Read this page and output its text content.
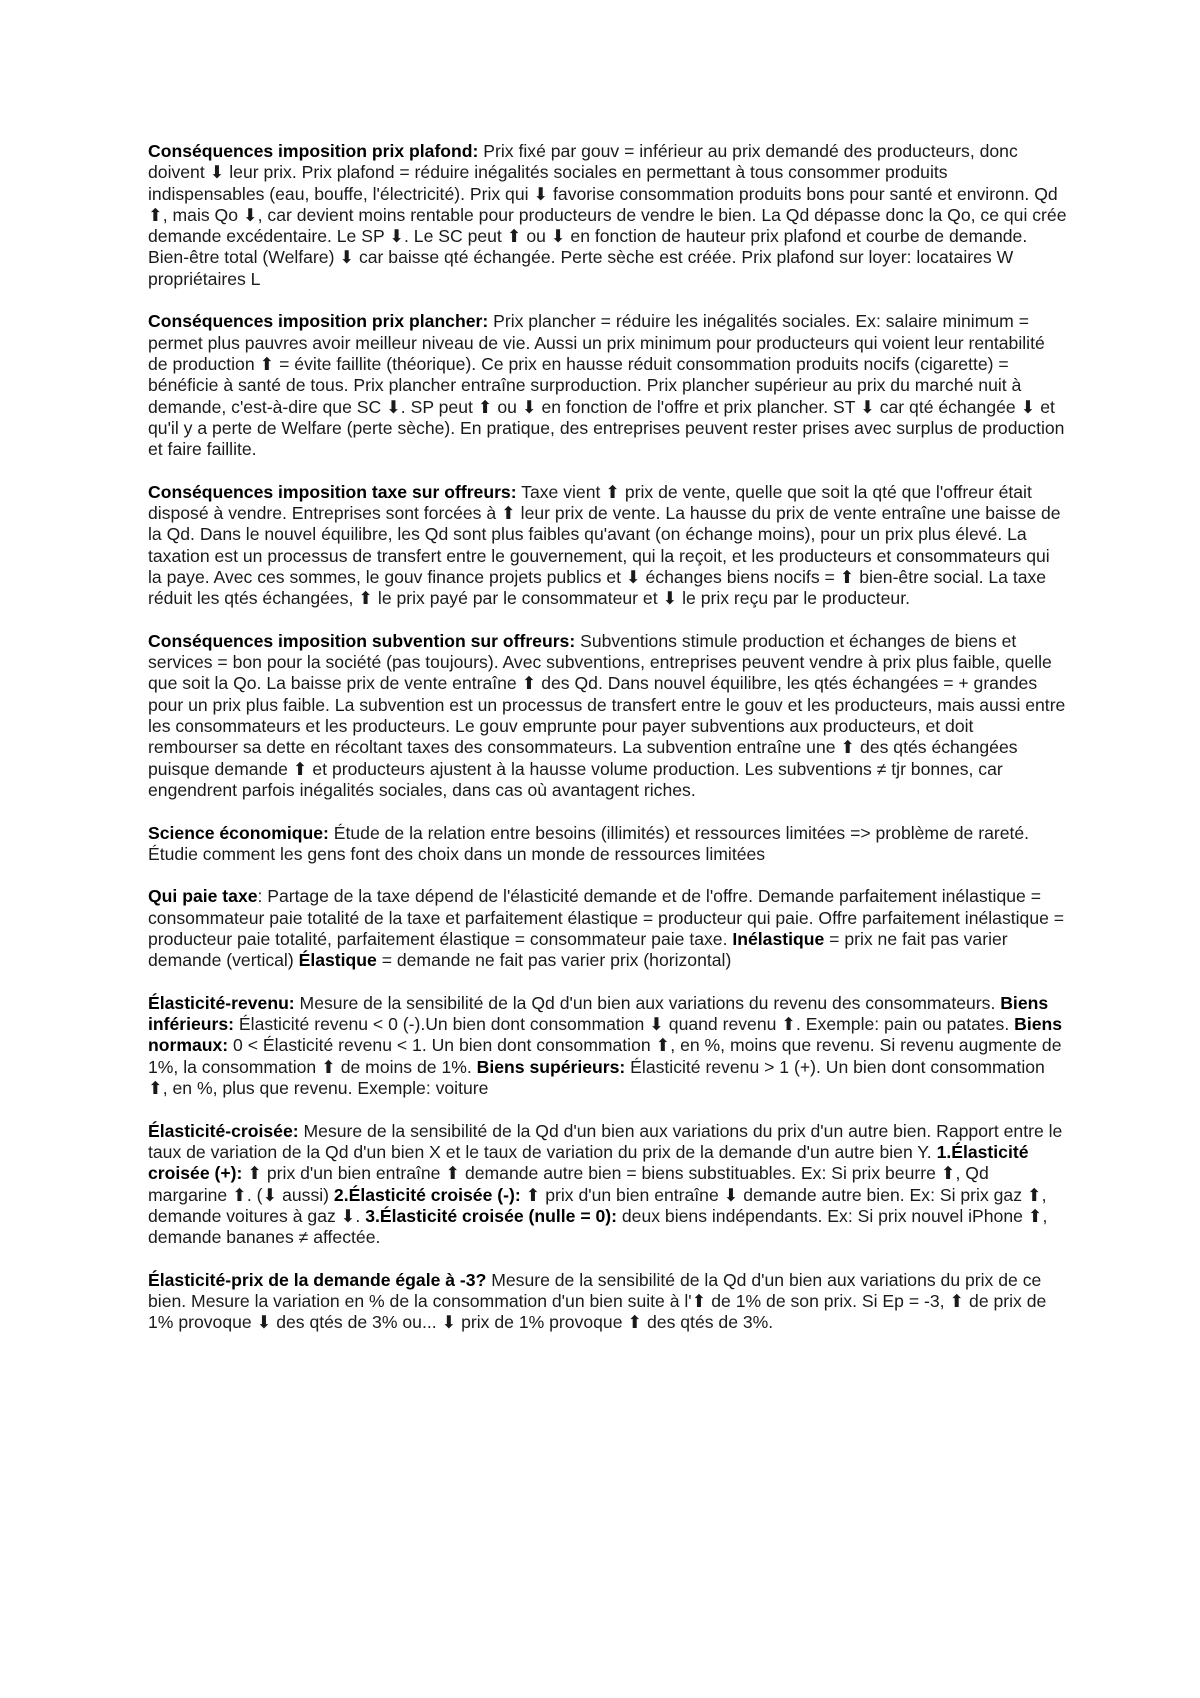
Conséquences imposition prix plafond: Prix fixé par gouv = inférieur au prix demandé des producteurs, donc doivent ⬇ leur prix. Prix plafond = réduire inégalités sociales en permettant à tous consommer produits indispensables (eau, bouffe, l'électricité). Prix qui ⬇ favorise consommation produits bons pour santé et environn. Qd ⬆, mais Qo ⬇, car devient moins rentable pour producteurs de vendre le bien. La Qd dépasse donc la Qo, ce qui crée demande excédentaire. Le SP ⬇. Le SC peut ⬆ ou ⬇ en fonction de hauteur prix plafond et courbe de demande. Bien-être total (Welfare) ⬇ car baisse qté échangée. Perte sèche est créée. Prix plafond sur loyer: locataires W propriétaires L

Conséquences imposition prix plancher: Prix plancher = réduire les inégalités sociales. Ex: salaire minimum = permet plus pauvres avoir meilleur niveau de vie. Aussi un prix minimum pour producteurs qui voient leur rentabilité de production ⬆ = évite faillite (théorique). Ce prix en hausse réduit consommation produits nocifs (cigarette) = bénéficie à santé de tous. Prix plancher entraîne surproduction. Prix plancher supérieur au prix du marché nuit à demande, c'est-à-dire que SC ⬇. SP peut ⬆ ou ⬇ en fonction de l'offre et prix plancher. ST ⬇ car qté échangée ⬇ et qu'il y a perte de Welfare (perte sèche). En pratique, des entreprises peuvent rester prises avec surplus de production et faire faillite.

Conséquences imposition taxe sur offreurs: Taxe vient ⬆ prix de vente, quelle que soit la qté que l'offreur était disposé à vendre. Entreprises sont forcées à ⬆ leur prix de vente. La hausse du prix de vente entraîne une baisse de la Qd. Dans le nouvel équilibre, les Qd sont plus faibles qu'avant (on échange moins), pour un prix plus élevé. La taxation est un processus de transfert entre le gouvernement, qui la reçoit, et les producteurs et consommateurs qui la paye. Avec ces sommes, le gouv finance projets publics et ⬇ échanges biens nocifs = ⬆ bien-être social. La taxe réduit les qtés échangées, ⬆ le prix payé par le consommateur et ⬇ le prix reçu par le producteur.

Conséquences imposition subvention sur offreurs: Subventions stimule production et échanges de biens et services = bon pour la société (pas toujours). Avec subventions, entreprises peuvent vendre à prix plus faible, quelle que soit la Qo. La baisse prix de vente entraîne ⬆ des Qd. Dans nouvel équilibre, les qtés échangées = + grandes pour un prix plus faible. La subvention est un processus de transfert entre le gouv et les producteurs, mais aussi entre les consommateurs et les producteurs. Le gouv emprunte pour payer subventions aux producteurs, et doit rembourser sa dette en récoltant taxes des consommateurs. La subvention entraîne une ⬆ des qtés échangées puisque demande ⬆ et producteurs ajustent à la hausse volume production. Les subventions ≠ tjr bonnes, car engendrent parfois inégalités sociales, dans cas où avantagent riches.

Science économique: Étude de la relation entre besoins (illimités) et ressources limitées => problème de rareté. Étudie comment les gens font des choix dans un monde de ressources limitées

Qui paie taxe: Partage de la taxe dépend de l'élasticité demande et de l'offre. Demande parfaitement inélastique = consommateur paie totalité de la taxe et parfaitement élastique = producteur qui paie. Offre parfaitement inélastique = producteur paie totalité, parfaitement élastique = consommateur paie taxe. Inélastique = prix ne fait pas varier demande (vertical) Élastique = demande ne fait pas varier prix (horizontal)

Élasticité-revenu: Mesure de la sensibilité de la Qd d'un bien aux variations du revenu des consommateurs. Biens inférieurs: Élasticité revenu < 0 (-).Un bien dont consommation ⬇ quand revenu ⬆. Exemple: pain ou patates. Biens normaux: 0 < Élasticité revenu < 1. Un bien dont consommation ⬆, en %, moins que revenu. Si revenu augmente de 1%, la consommation ⬆ de moins de 1%. Biens supérieurs: Élasticité revenu > 1 (+). Un bien dont consommation ⬆, en %, plus que revenu. Exemple: voiture

Élasticité-croisée: Mesure de la sensibilité de la Qd d'un bien aux variations du prix d'un autre bien. Rapport entre le taux de variation de la Qd d'un bien X et le taux de variation du prix de la demande d'un autre bien Y. 1.Élasticité croisée (+): ⬆ prix d'un bien entraîne ⬆ demande autre bien = biens substituables. Ex: Si prix beurre ⬆, Qd margarine ⬆. (⬇ aussi) 2.Élasticité croisée (-): ⬆ prix d'un bien entraîne ⬇ demande autre bien. Ex: Si prix gaz ⬆, demande voitures à gaz ⬇. 3.Élasticité croisée (nulle = 0): deux biens indépendants. Ex: Si prix nouvel iPhone ⬆, demande bananes ≠ affectée.

Élasticité-prix de la demande égale à -3? Mesure de la sensibilité de la Qd d'un bien aux variations du prix de ce bien. Mesure la variation en % de la consommation d'un bien suite à l'⬆ de 1% de son prix. Si Ep = -3, ⬆ de prix de 1% provoque ⬇ des qtés de 3% ou... ⬇ prix de 1% provoque ⬆ des qtés de 3%.
